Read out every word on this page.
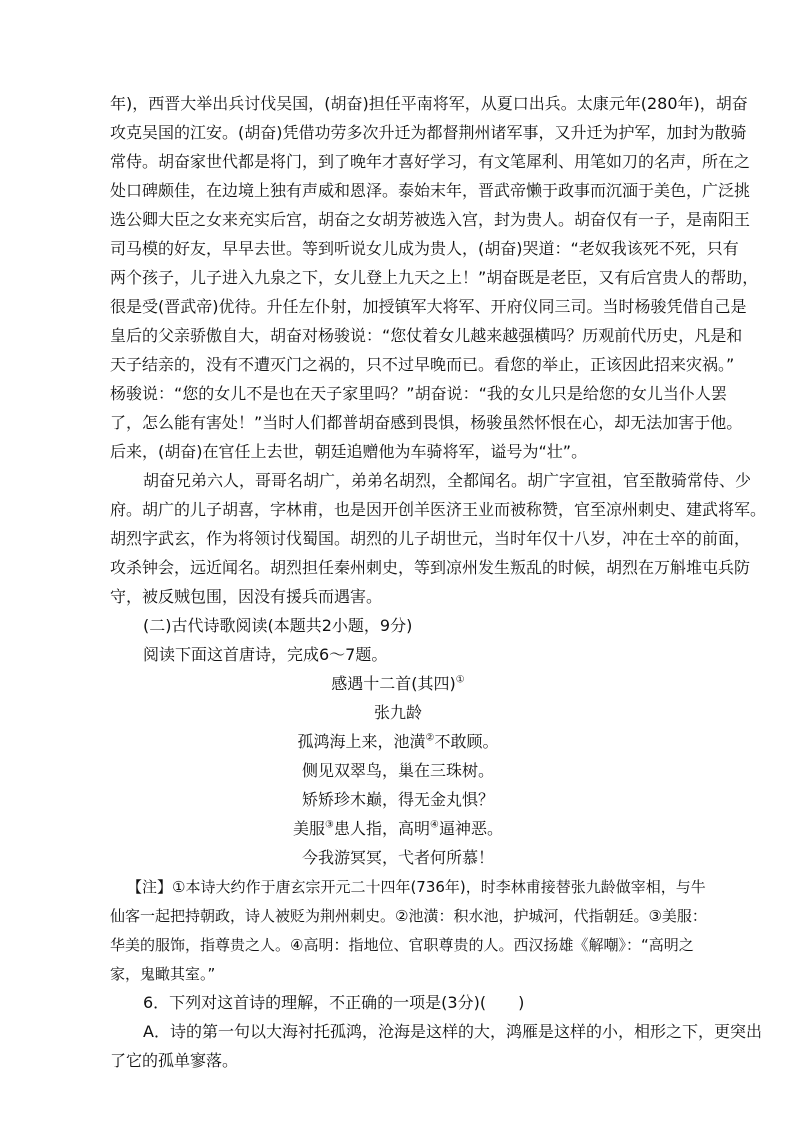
年)，西晋大举出兵讨伐吴国，(胡奋)担任平南将军，从夏口出兵。太康元年(280年)，胡奋
攻克吴国的江安。(胡奋)凭借功劳多次升迁为都督荆州诸军事，又升迁为护军，加封为散骑
常侍。胡奋家世代都是将门，到了晚年才喜好学习，有文笔犀利、用笔如刀的名声，所在之
处口碑颇佳，在边境上独有声威和恩泽。泰始末年，晋武帝懒于政事而沉湎于美色，广泛挑
选公卿大臣之女来充实后宫，胡奋之女胡芳被选入宫，封为贵人。胡奋仅有一子，是南阳王
司马模的好友，早早去世。等到听说女儿成为贵人，(胡奋)哭道：“老奴我该死不死，只有
两个孩子，儿子进入九泉之下，女儿登上九天之上！”胡奋既是老臣，又有后宫贵人的帮助，
很是受(晋武帝)优待。升任左仆射，加授镇军大将军、开府仪同三司。当时杨骏凭借自己是
皇后的父亲骄傲自大，胡奋对杨骏说：“您仗着女儿越来越强横吗？历观前代历史，凡是和
天子结亲的，没有不遭灭门之祸的，只不过早晚而已。看您的举止，正该因此招来灾祸。”
杨骏说：“您的女儿不是也在天子家里吗？”胡奋说：“我的女儿只是给您的女儿当仆人罢
了，怎么能有害处！”当时人们都普胡奋感到畏惧，杨骏虽然怀恨在心，却无法加害于他。
后来，(胡奋)在官任上去世，朝廷追赠他为车骑将军，谥号为“壮”。
胡奋兄弟六人，哥哥名胡广，弟弟名胡烈，全都闻名。胡广字宣祖，官至散骑常侍、少
府。胡广的儿子胡喜，字林甫，也是因开创羊医济王业而被称赞，官至凉州刺史、建武将军。
胡烈字武玄，作为将领讨伐蜀国。胡烈的儿子胡世元，当时年仅十八岁，冲在士卒的前面，
攻杀钟会，远近闻名。胡烈担任秦州刺史，等到凉州发生叛乱的时候，胡烈在万斛堆屯兵防
守，被反贼包围，因没有援兵而遇害。
(二)古代诗歌阅读(本题共2小题，9分)
阅读下面这首唐诗，完成6～7题。
感遇十二首(其四)①
张九龄
孤鸿海上来，池潢②不敢顾。
侧见双翠鸟，巢在三珠树。
矫矫珍木巅，得无金丸惧？
美服③患人指，高明④逼神恶。
今我游冥冥，弋者何所慕！
【注】①本诗大约作于唐玄宗开元二十四年(736年)，时李林甫接替张九龄做宰相，与牛
仙客一起把持朝政，诗人被贬为荆州刺史。②池潢：积水池，护城河，代指朝廷。③美服：
华美的服饰，指尊贵之人。④高明：指地位、官职尊贵的人。西汉扬雄《解嘲》：“高明之
家，鬼瞰其室。”
6．下列对这首诗的理解，不正确的一项是(3分)(　　)
A．诗的第一句以大海衬托孤鸿，沧海是这样的大，鸿雁是这样的小，相形之下，更突出
了它的孤单寥落。
